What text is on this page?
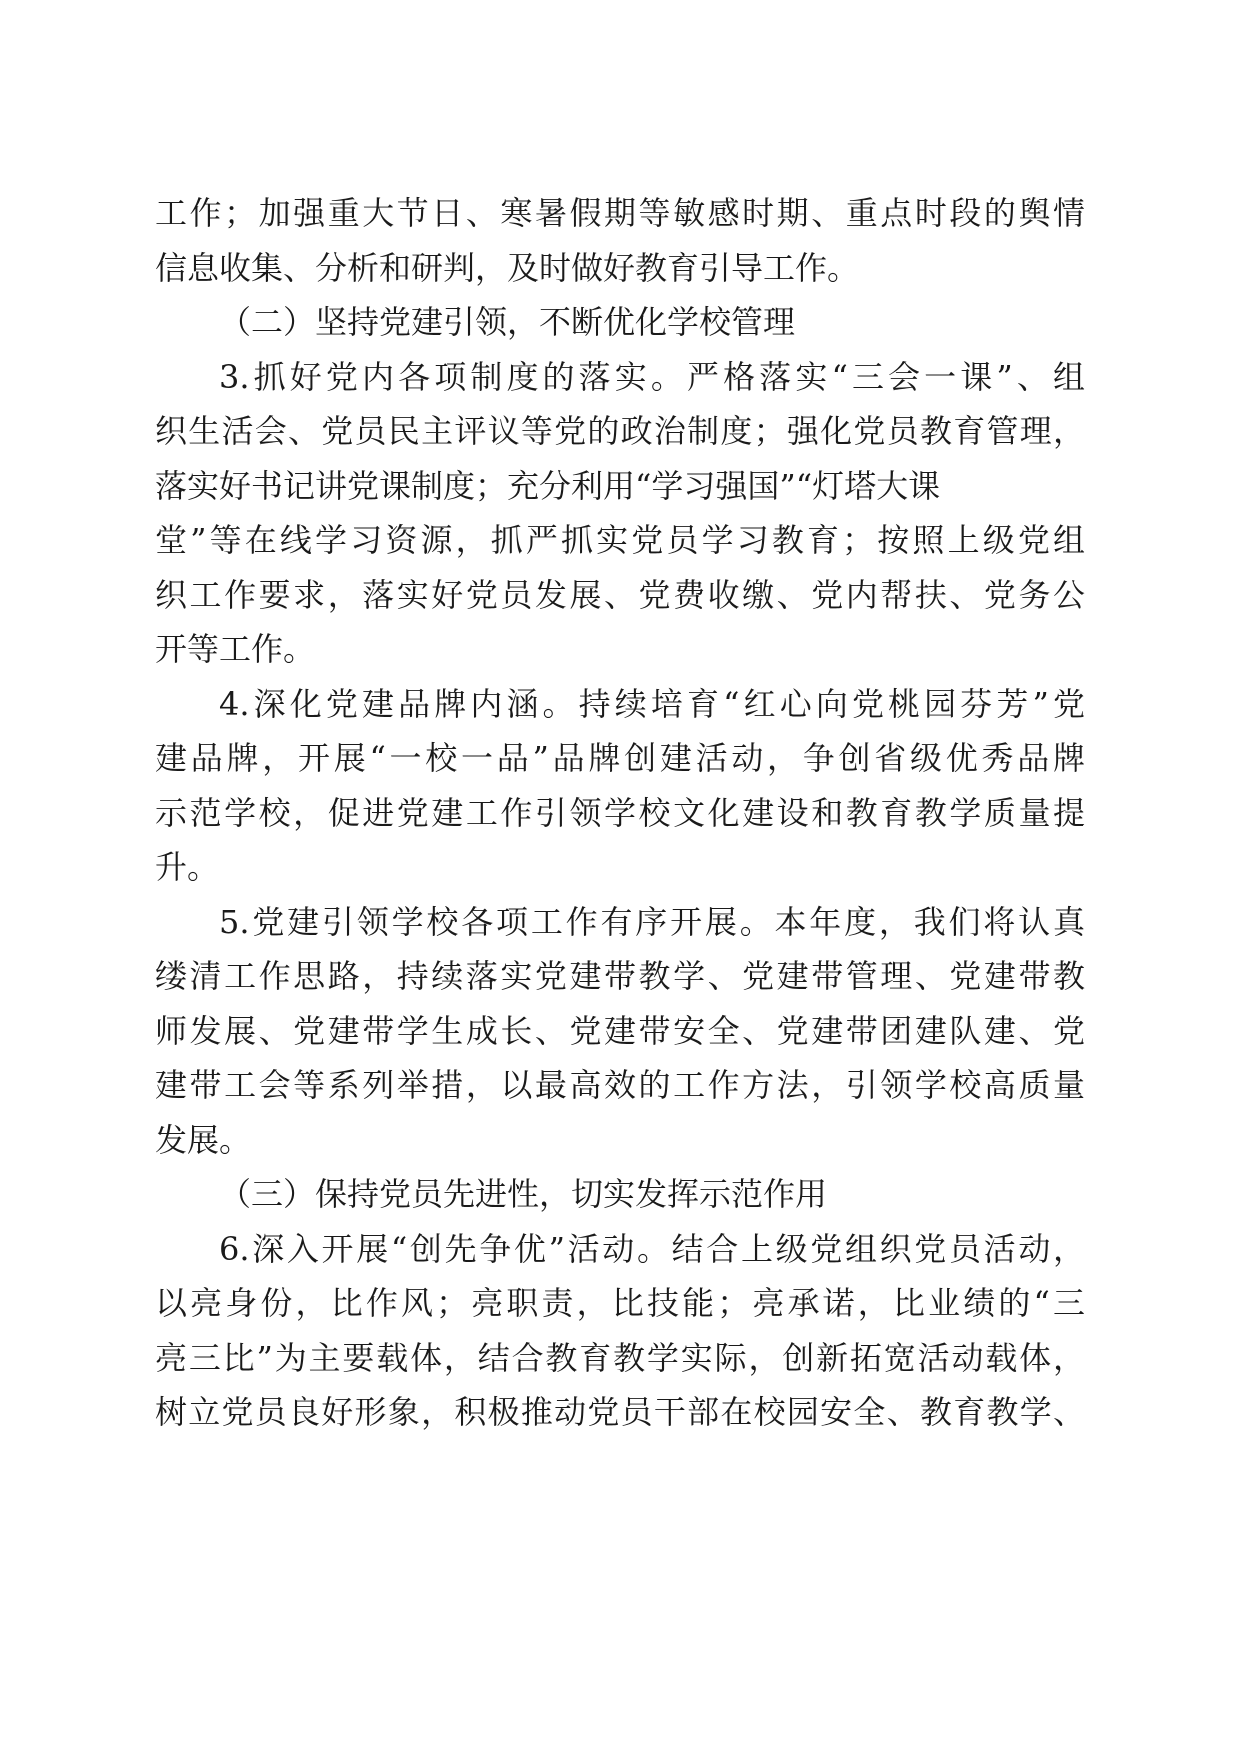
工作；加强重大节日、寒暑假期等敏感时期、重点时段的舆情
信息收集、分析和研判，及时做好教育引导工作。
（二）坚持党建引领，不断优化学校管理
3.抓好党内各项制度的落实。严格落实“三会一课”、组
织生活会、党员民主评议等党的政治制度；强化党员教育管理，
落实好书记讲党课制度；充分利用“学习强国”“灯塔大课
堂”等在线学习资源，抓严抓实党员学习教育；按照上级党组
织工作要求，落实好党员发展、党费收缴、党内帮扶、党务公
开等工作。
4.深化党建品牌内涵。持续培育“红心向党桃园芬芳”党
建品牌，开展“一校一品”品牌创建活动，争创省级优秀品牌
示范学校，促进党建工作引领学校文化建设和教育教学质量提
升。
5.党建引领学校各项工作有序开展。本年度，我们将认真
缕清工作思路，持续落实党建带教学、党建带管理、党建带教
师发展、党建带学生成长、党建带安全、党建带团建队建、党
建带工会等系列举措，以最高效的工作方法，引领学校高质量
发展。
（三）保持党员先进性，切实发挥示范作用
6.深入开展“创先争优”活动。结合上级党组织党员活动，
以亮身份，比作风；亮职责，比技能；亮承诺，比业绩的“三
亮三比”为主要载体，结合教育教学实际，创新拓宽活动载体，
树立党员良好形象，积极推动党员干部在校园安全、教育教学、
